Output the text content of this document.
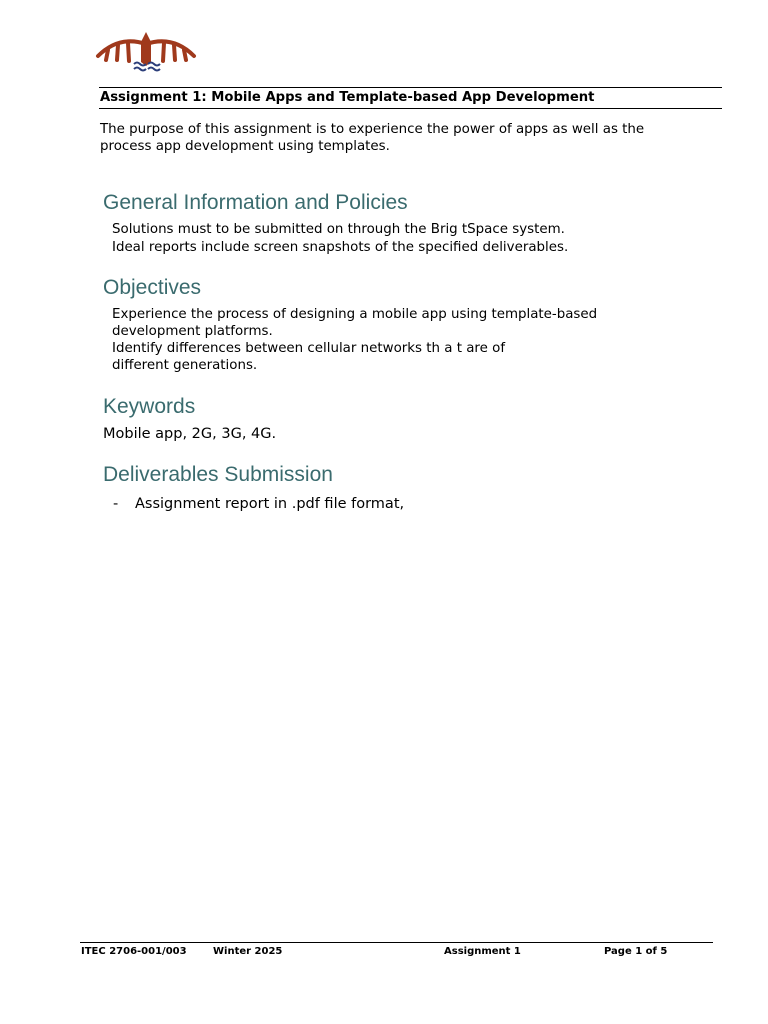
Assignment 1: Mobile Apps and Template-based App Development
The purpose of this assignment is to experience the power of apps as well as the
process app development using templates.
General Information and Policies
Solutions must to be submitted on through the Brig tSpace system.
Ideal reports include screen snapshots of the specified deliverables.
Objectives
Experience the process of designing a mobile app using template-based
development platforms.
Identify differences between cellular networks th a t are of
different generations.
Keywords
Mobile app, 2G, 3G, 4G.
Deliverables Submission
- Assignment report in .pdf file format,
ITEC 2706-001/003	Winter 2025	Assignment 1	Page 1 of 5
